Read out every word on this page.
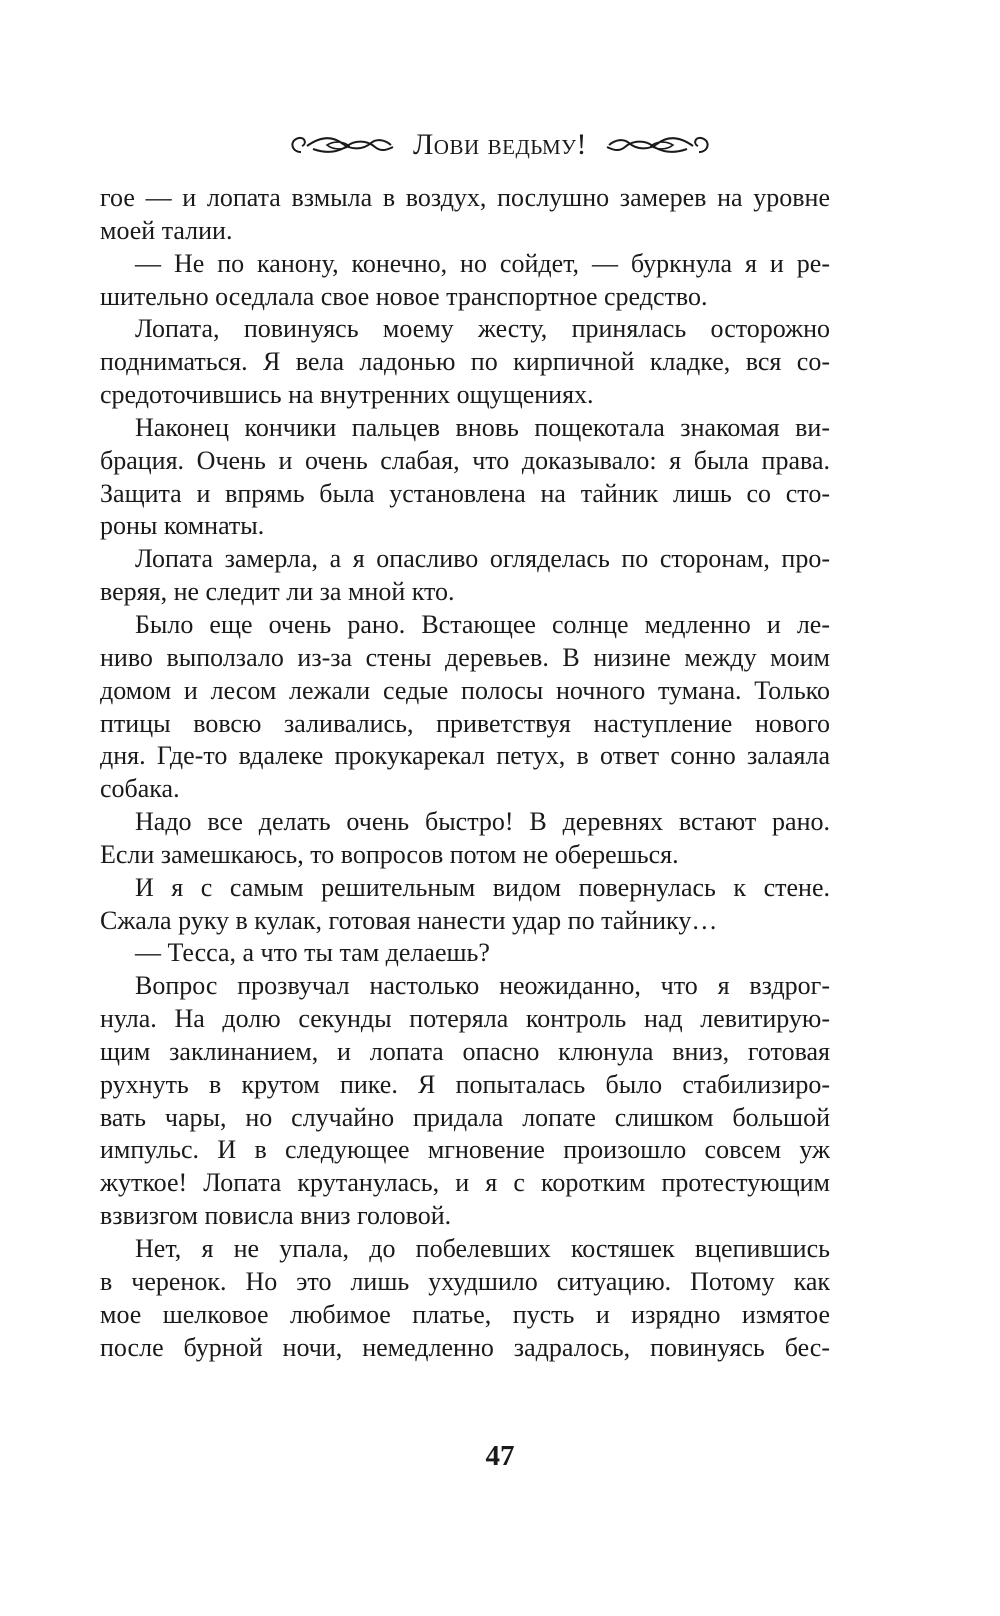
Лови ведьму!
гое — и лопата взмыла в воздух, послушно замерев на уровне
моей талии.
— Не по канону, конечно, но сойдет, — буркнула я и ре-
шительно оседлала свое новое транспортное средство.
Лопата, повинуясь моему жесту, принялась осторожно
подниматься. Я вела ладонью по кирпичной кладке, вся со-
средоточившись на внутренних ощущениях.
Наконец кончики пальцев вновь пощекотала знакомая ви-
брация. Очень и очень слабая, что доказывало: я была права.
Защита и впрямь была установлена на тайник лишь со сто-
роны комнаты.
Лопата замерла, а я опасливо огляделась по сторонам, про-
веряя, не следит ли за мной кто.
Было еще очень рано. Встающее солнце медленно и ле-
ниво выползало из-за стены деревьев. В низине между моим
домом и лесом лежали седые полосы ночного тумана. Только
птицы вовсю заливались, приветствуя наступление нового
дня. Где-то вдалеке прокукарекал петух, в ответ сонно залаяла
собака.
Надо все делать очень быстро! В деревнях встают рано.
Если замешкаюсь, то вопросов потом не оберешься.
И я с самым решительным видом повернулась к стене.
Сжала руку в кулак, готовая нанести удар по тайнику…
— Тесса, а что ты там делаешь?
Вопрос прозвучал настолько неожиданно, что я вздрог-
нула. На долю секунды потеряла контроль над левитирую-
щим заклинанием, и лопата опасно клюнула вниз, готовая
рухнуть в крутом пике. Я попыталась было стабилизиро-
вать чары, но случайно придала лопате слишком большой
импульс. И в следующее мгновение произошло совсем уж
жуткое! Лопата крутанулась, и я с коротким протестующим
взвизгом повисла вниз головой.
Нет, я не упала, до побелевших костяшек вцепившись
в черенок. Но это лишь ухудшило ситуацию. Потому как
мое шелковое любимое платье, пусть и изрядно измятое
после бурной ночи, немедленно задралось, повинуясь бес-
47
